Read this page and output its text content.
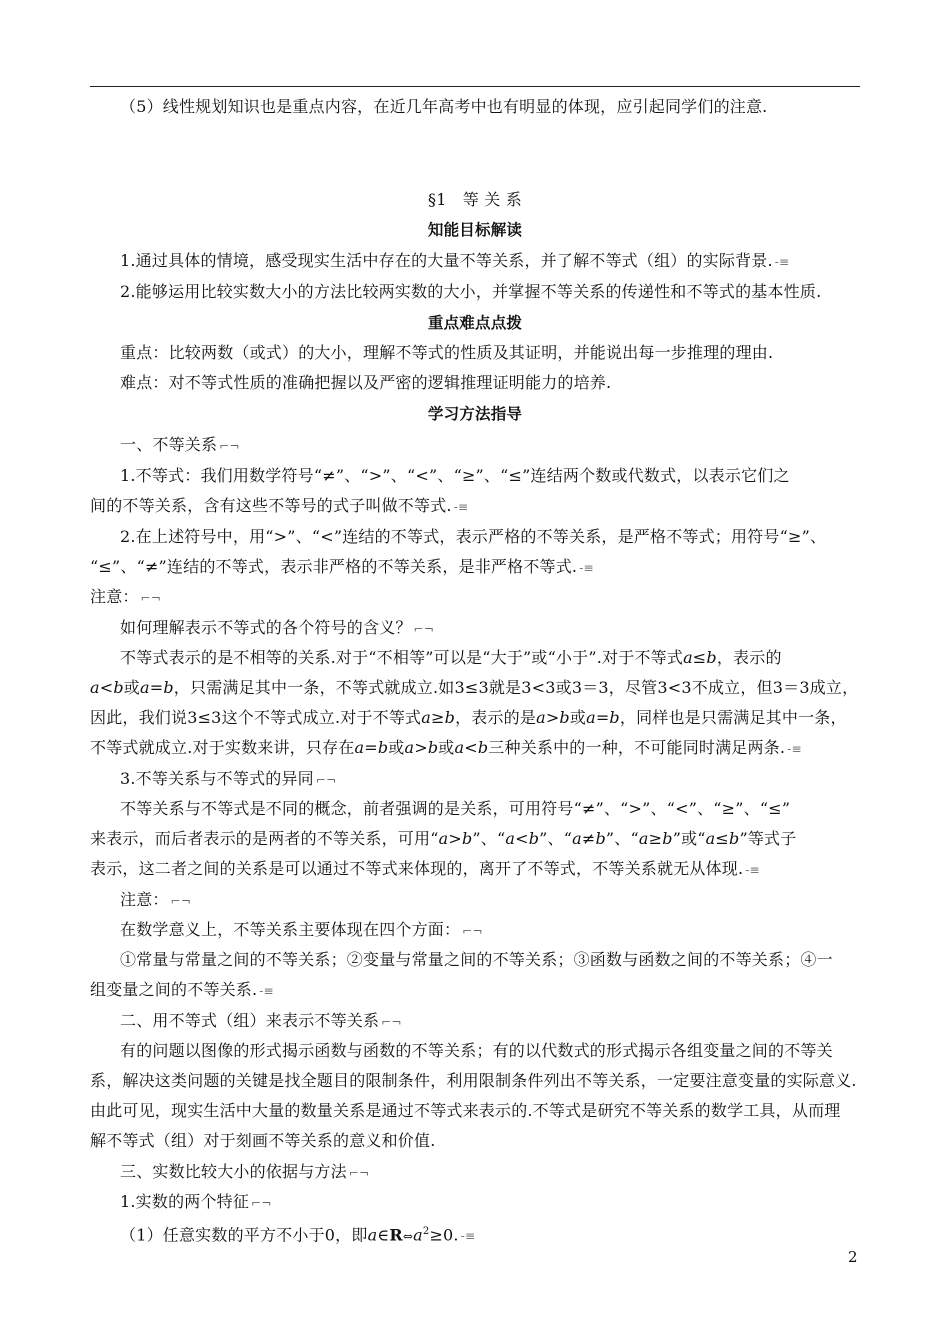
（5）线性规划知识也是重点内容，在近几年高考中也有明显的体现，应引起同学们的注意.
§1　等 关 系
知能目标解读
1.通过具体的情境，感受现实生活中存在的大量不等关系，并了解不等式（组）的实际背景. -≡
2.能够运用比较实数大小的方法比较两实数的大小，并掌握不等关系的传递性和不等式的基本性质.
重点难点点拨
重点：比较两数（或式）的大小，理解不等式的性质及其证明，并能说出每一步推理的理由.
难点：对不等式性质的准确把握以及严密的逻辑推理证明能力的培养.
学习方法指导
一、不等关系 ⌐¬
1.不等式：我们用数学符号“≠”、“>”、“<”、“≥”、“≤”连结两个数或代数式，以表示它们之
间的不等关系，含有这些不等号的式子叫做不等式. -≡
2.在上述符号中，用“>”、“<”连结的不等式，表示严格的不等关系，是严格不等式；用符号“≥”、
“≤”、“≠”连结的不等式，表示非严格的不等关系，是非严格不等式. -≡
注意： ⌐¬
如何理解表示不等式的各个符号的含义？ ⌐¬
不等式表示的是不相等的关系.对于“不相等”可以是“大于”或“小于”.对于不等式a≤b，表示的
a<b或a=b，只需满足其中一条，不等式就成立.如3≤3就是3<3或3＝3，尽管3<3不成立，但3＝3成立，
因此，我们说3≤3这个不等式成立.对于不等式a≥b，表示的是a>b或a=b，同样也是只需满足其中一条，
不等式就成立.对于实数来讲，只存在a=b或a>b或a<b三种关系中的一种，不可能同时满足两条. -≡
3.不等关系与不等式的异同 ⌐¬
不等关系与不等式是不同的概念，前者强调的是关系，可用符号“≠”、“>”、“<”、“≥”、“≤”
来表示，而后者表示的是两者的不等关系，可用“a>b”、“a<b”、“a≠b”、“a≥b”或“a≤b”等式子
表示，这二者之间的关系是可以通过不等式来体现的，离开了不等式，不等关系就无从体现. -≡
注意： ⌐¬
在数学意义上，不等关系主要体现在四个方面： ⌐¬
①常量与常量之间的不等关系；②变量与常量之间的不等关系；③函数与函数之间的不等关系；④一
组变量之间的不等关系. -≡
二、用不等式（组）来表示不等关系 ⌐¬
有的问题以图像的形式揭示函数与函数的不等关系；有的以代数式的形式揭示各组变量之间的不等关
系，解决这类问题的关键是找全题目的限制条件，利用限制条件列出不等关系，一定要注意变量的实际意义.
由此可见，现实生活中大量的数量关系是通过不等式来表示的.不等式是研究不等关系的数学工具，从而理
解不等式（组）对于刻画不等关系的意义和价值.
三、实数比较大小的依据与方法 ⌐¬
1.实数的两个特征 ⌐¬
（1）任意实数的平方不小于0，即$a\in R\Leftrightarrow a^2\ge 0$. -≡
2
